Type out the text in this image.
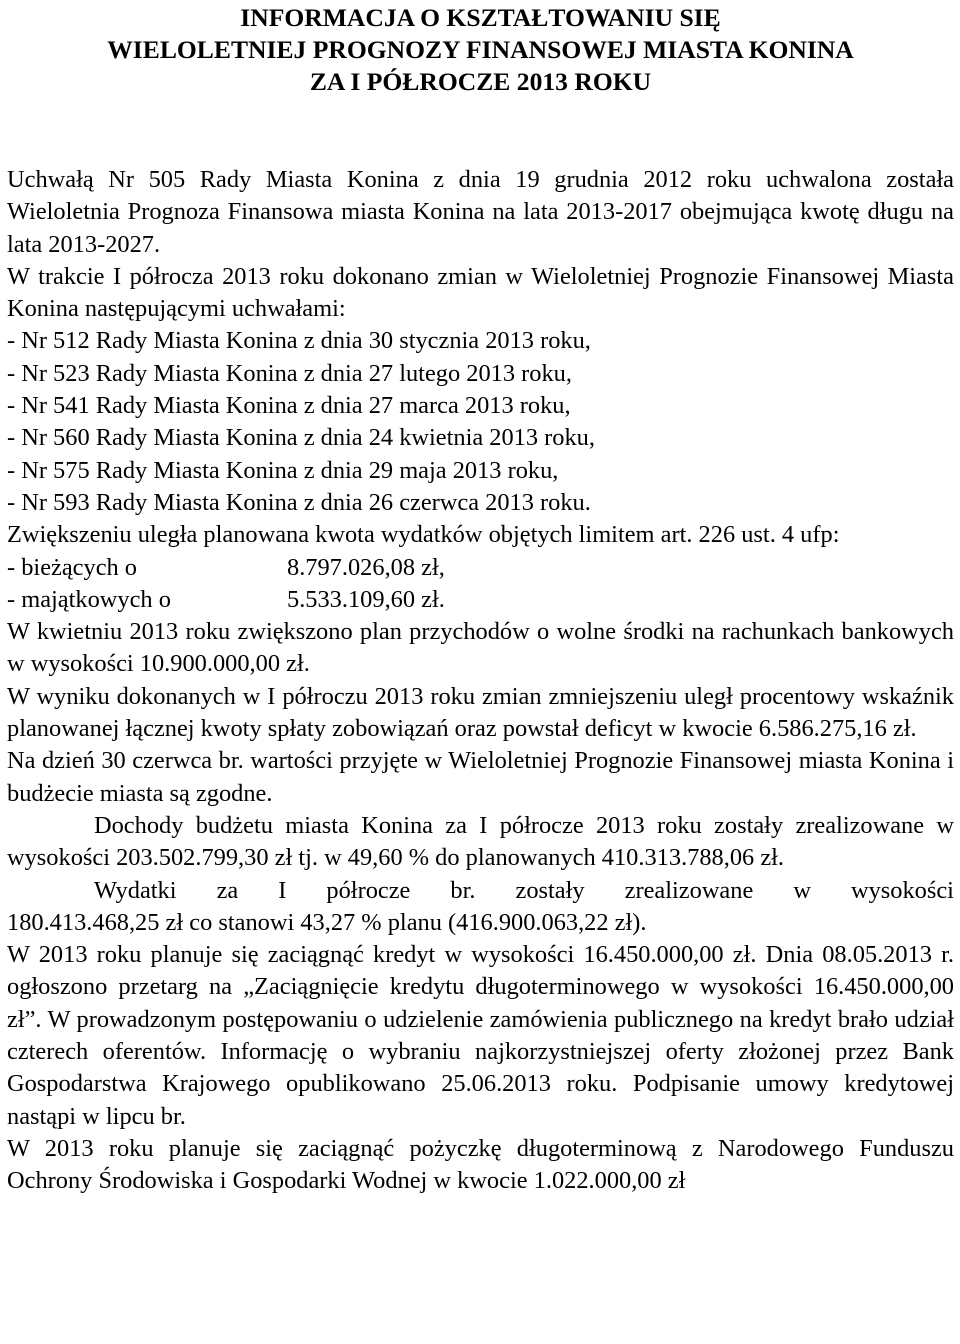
INFORMACJA O KSZTAŁTOWANIU SIĘ
WIELOLETNIEJ PROGNOZY FINANSOWEJ MIASTA KONINA
ZA I PÓŁROCZE 2013 ROKU

Uchwałą Nr 505 Rady Miasta Konina z dnia 19 grudnia 2012 roku uchwalona została Wieloletnia Prognoza Finansowa miasta Konina na lata 2013-2017 obejmująca kwotę długu na lata 2013-2027.

W trakcie I półrocza 2013 roku dokonano zmian w Wieloletniej Prognozie Finansowej Miasta Konina następującymi uchwałami:

- Nr 512 Rady Miasta Konina z dnia 30 stycznia 2013 roku,
- Nr 523 Rady Miasta Konina z dnia 27 lutego 2013 roku,
- Nr 541 Rady Miasta Konina z dnia 27 marca 2013 roku,
- Nr 560 Rady Miasta Konina z dnia 24 kwietnia 2013 roku,
- Nr 575 Rady Miasta Konina z dnia 29 maja 2013 roku,
- Nr 593 Rady Miasta Konina z dnia 26 czerwca 2013 roku.

Zwiększeniu uległa planowana kwota wydatków objętych limitem art. 226 ust. 4 ufp:

- bieżących o	8.797.026,08 zł,
- majątkowych o	5.533.109,60 zł.

W kwietniu 2013 roku zwiększono plan przychodów o wolne środki na rachunkach bankowych w wysokości 10.900.000,00 zł.

W wyniku dokonanych w I półroczu 2013 roku zmian zmniejszeniu uległ procentowy wskaźnik planowanej łącznej kwoty spłaty zobowiązań oraz powstał deficyt w kwocie 6.586.275,16 zł.

Na dzień 30 czerwca br. wartości przyjęte w Wieloletniej Prognozie Finansowej miasta Konina i budżecie miasta są zgodne.

Dochody budżetu miasta Konina za I półrocze 2013 roku zostały zrealizowane w wysokości 203.502.799,30 zł tj. w 49,60 % do planowanych 410.313.788,06 zł.

Wydatki za I półrocze br. zostały zrealizowane w wysokości
180.413.468,25 zł co stanowi 43,27 % planu (416.900.063,22 zł).

W 2013 roku planuje się zaciągnąć kredyt w wysokości 16.450.000,00 zł. Dnia 08.05.2013 r. ogłoszono przetarg na „Zaciągnięcie kredytu długoterminowego w wysokości 16.450.000,00 zł”. W prowadzonym postępowaniu o udzielenie zamówienia publicznego na kredyt brało udział czterech oferentów. Informację o wybraniu najkorzystniejszej oferty złożonej przez Bank Gospodarstwa Krajowego opublikowano 25.06.2013 roku. Podpisanie umowy kredytowej nastąpi w lipcu br.

W 2013 roku planuje się zaciągnąć pożyczkę długoterminową z Narodowego Funduszu Ochrony Środowiska i Gospodarki Wodnej w kwocie 1.022.000,00 zł
